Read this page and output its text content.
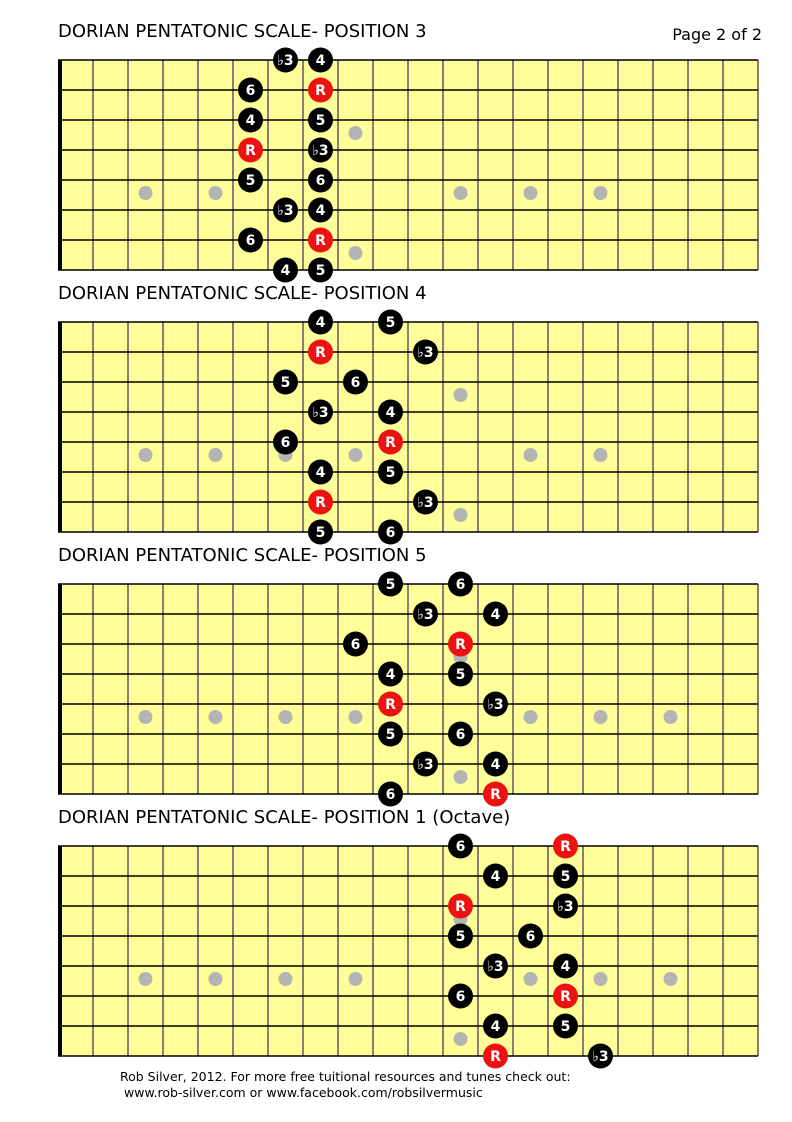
Page 2 of 2
DORIAN PENTATONIC SCALE- POSITION 3
♭3 4
6	R
4	5
R	♭3
5	6
♭3 4
6	R
4 5
DORIAN PENTATONIC SCALE- POSITION 4
4	5
R	♭3
5	6
♭3	4
6	R
4	5
R	♭3
5	6
DORIAN PENTATONIC SCALE- POSITION 5
5	6
♭3	4
6	R
4	5
R	♭3
5	6
♭3	4
6	R
DORIAN PENTATONIC SCALE- POSITION 1 (Octave)
6	R
4	5
R	♭3
5	6
♭3	4
6	R
4	5
R	♭3
Rob Silver, 2012. For more free tuitional resources and tunes check out:
www.rob-silver.com or www.facebook.com/robsilvermusic
